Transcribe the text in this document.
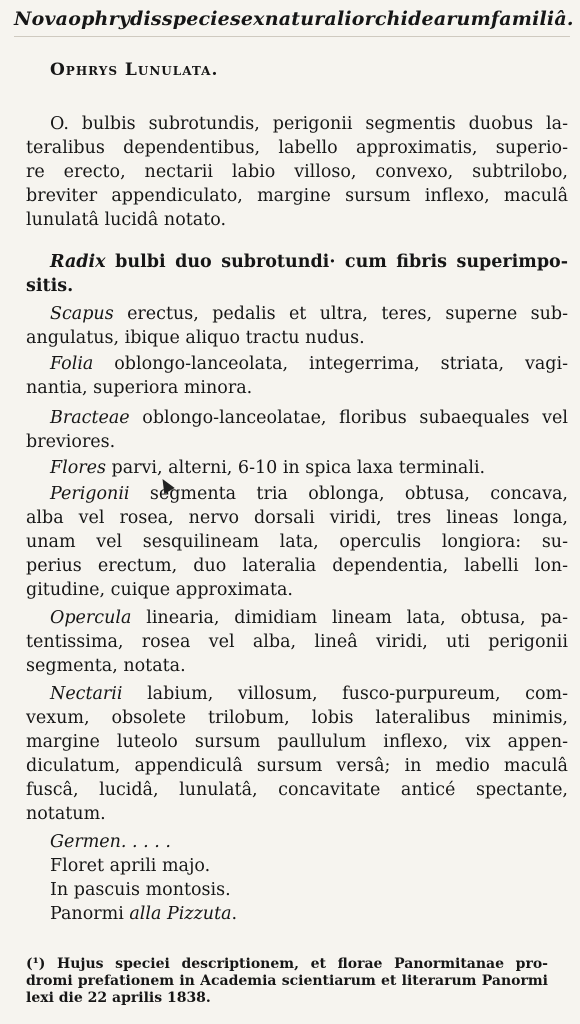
Nova ophrydis species ex naturali orchidearum familiâ.
Ophrys Lunulata.
O. bulbis subrotundis, perigonii segmentis duobus la-
teralibus dependentibus, labello approximatis, superio-
re erecto, nectarii labio villoso, convexo, subtrilobo,
breviter appendiculato, margine sursum inflexo, maculâ
lunulatâ lucidâ notato.
Radix bulbi duo subrotundi· cum fibris superimpo-
sitis.
Scapus erectus, pedalis et ultra, teres, superne sub-
angulatus, ibique aliquo tractu nudus.
Folia oblongo-lanceolata, integerrima, striata, vagi-
nantia, superiora minora.
Bracteae oblongo-lanceolatae, floribus subaequales vel
breviores.
Flores parvi, alterni, 6-10 in spica laxa terminali.
Perigonii segmenta tria oblonga, obtusa, concava,
alba vel rosea, nervo dorsali viridi, tres lineas longa,
unam vel sesquilineam lata, operculis longiora: su-
perius erectum, duo lateralia dependentia, labelli lon-
gitudine, cuique approximata.
Opercula linearia, dimidiam lineam lata, obtusa, pa-
tentissima, rosea vel alba, lineâ viridi, uti perigonii
segmenta, notata.
Nectarii labium, villosum, fusco-purpureum, com-
vexum, obsolete trilobum, lobis lateralibus minimis,
margine luteolo sursum paullulum inflexo, vix appen-
diculatum, appendiculâ sursum versâ; in medio maculâ
fuscâ, lucidâ, lunulatâ, concavitate anticé spectante,
notatum.
Germen. . . . .
Floret aprili majo.
In pascuis montosis.
Panormi alla Pizzuta.
(¹) Hujus speciei descriptionem, et florae Panormitanae pro-
dromi prefationem in Academia scientiarum et literarum Panormi
lexi die 22 aprilis 1838.
